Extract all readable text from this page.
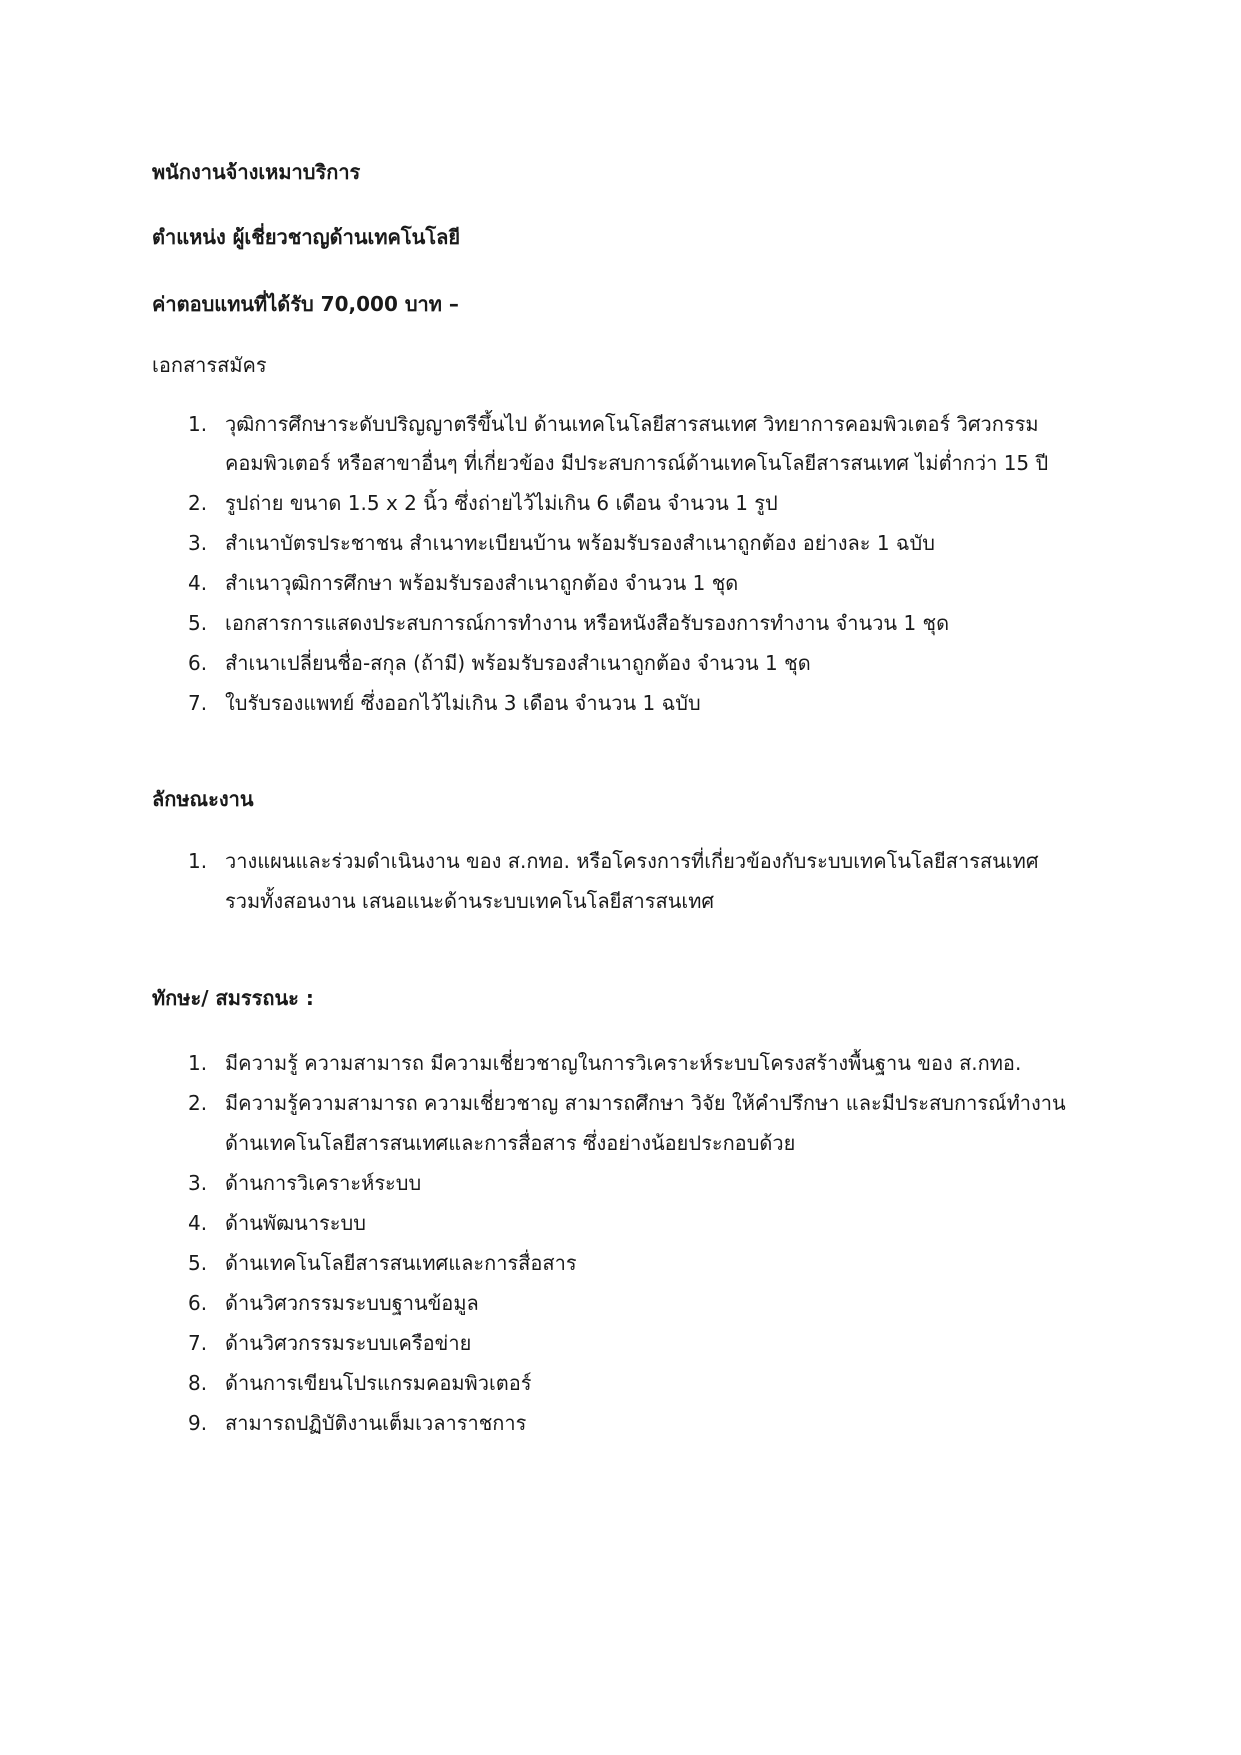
พนักงานจ้างเหมาบริการ
ตำแหน่ง ผู้เชี่ยวชาญด้านเทคโนโลยี
ค่าตอบแทนที่ได้รับ 70,000 บาท –
เอกสารสมัคร
1. วุฒิการศึกษาระดับปริญญาตรีขึ้นไป ด้านเทคโนโลยีสารสนเทศ วิทยาการคอมพิวเตอร์ วิศวกรรม
คอมพิวเตอร์ หรือสาขาอื่นๆ ที่เกี่ยวข้อง มีประสบการณ์ด้านเทคโนโลยีสารสนเทศ ไม่ต่ำกว่า 15 ปี
2. รูปถ่าย ขนาด 1.5 x 2 นิ้ว ซึ่งถ่ายไว้ไม่เกิน 6 เดือน จำนวน 1 รูป
3. สำเนาบัตรประชาชน สำเนาทะเบียนบ้าน พร้อมรับรองสำเนาถูกต้อง อย่างละ 1 ฉบับ
4. สำเนาวุฒิการศึกษา พร้อมรับรองสำเนาถูกต้อง จำนวน 1 ชุด
5. เอกสารการแสดงประสบการณ์การทำงาน หรือหนังสือรับรองการทำงาน จำนวน 1 ชุด
6. สำเนาเปลี่ยนชื่อ-สกุล (ถ้ามี) พร้อมรับรองสำเนาถูกต้อง จำนวน 1 ชุด
7. ใบรับรองแพทย์ ซึ่งออกไว้ไม่เกิน 3 เดือน จำนวน 1 ฉบับ
ลักษณะงาน
1. วางแผนและร่วมดำเนินงาน ของ ส.กทอ. หรือโครงการที่เกี่ยวข้องกับระบบเทคโนโลยีสารสนเทศ
รวมทั้งสอนงาน เสนอแนะด้านระบบเทคโนโลยีสารสนเทศ
ทักษะ/ สมรรถนะ :
1. มีความรู้ ความสามารถ มีความเชี่ยวชาญในการวิเคราะห์ระบบโครงสร้างพื้นฐาน ของ ส.กทอ.
2. มีความรู้ความสามารถ ความเชี่ยวชาญ สามารถศึกษา วิจัย ให้คำปรึกษา และมีประสบการณ์ทำงาน
ด้านเทคโนโลยีสารสนเทศและการสื่อสาร ซึ่งอย่างน้อยประกอบด้วย
3. ด้านการวิเคราะห์ระบบ
4. ด้านพัฒนาระบบ
5. ด้านเทคโนโลยีสารสนเทศและการสื่อสาร
6. ด้านวิศวกรรมระบบฐานข้อมูล
7. ด้านวิศวกรรมระบบเครือข่าย
8. ด้านการเขียนโปรแกรมคอมพิวเตอร์
9. สามารถปฏิบัติงานเต็มเวลาราชการ
